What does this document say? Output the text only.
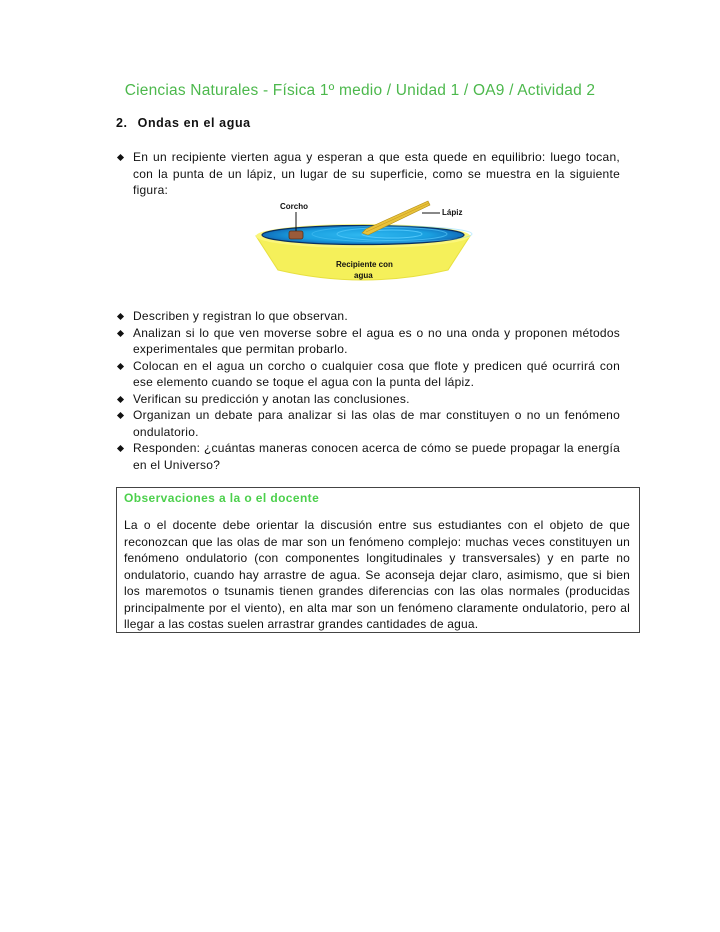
Ciencias Naturales - Física 1º medio / Unidad 1 / OA9 / Actividad 2
2. Ondas en el agua
En un recipiente vierten agua y esperan a que esta quede en equilibrio: luego tocan, con la punta de un lápiz, un lugar de su superficie, como se muestra en la siguiente figura:
Corcho
Lápiz
Recipiente con
agua
Describen y registran lo que observan.
Analizan si lo que ven moverse sobre el agua es o no una onda y proponen métodos experimentales que permitan probarlo.
Colocan en el agua un corcho o cualquier cosa que flote y predicen qué ocurrirá con ese elemento cuando se toque el agua con la punta del lápiz.
Verifican su predicción y anotan las conclusiones.
Organizan un debate para analizar si las olas de mar constituyen o no un fenómeno ondulatorio.
Responden: ¿cuántas maneras conocen acerca de cómo se puede propagar la energía en el Universo?
Observaciones a la o el docente
La o el docente debe orientar la discusión entre sus estudiantes con el objeto de que reconozcan que las olas de mar son un fenómeno complejo: muchas veces constituyen un fenómeno ondulatorio (con componentes longitudinales y transversales) y en parte no ondulatorio, cuando hay arrastre de agua. Se aconseja dejar claro, asimismo, que si bien los maremotos o tsunamis tienen grandes diferencias con las olas normales (producidas principalmente por el viento), en alta mar son un fenómeno claramente ondulatorio, pero al llegar a las costas suelen arrastrar grandes cantidades de agua.
